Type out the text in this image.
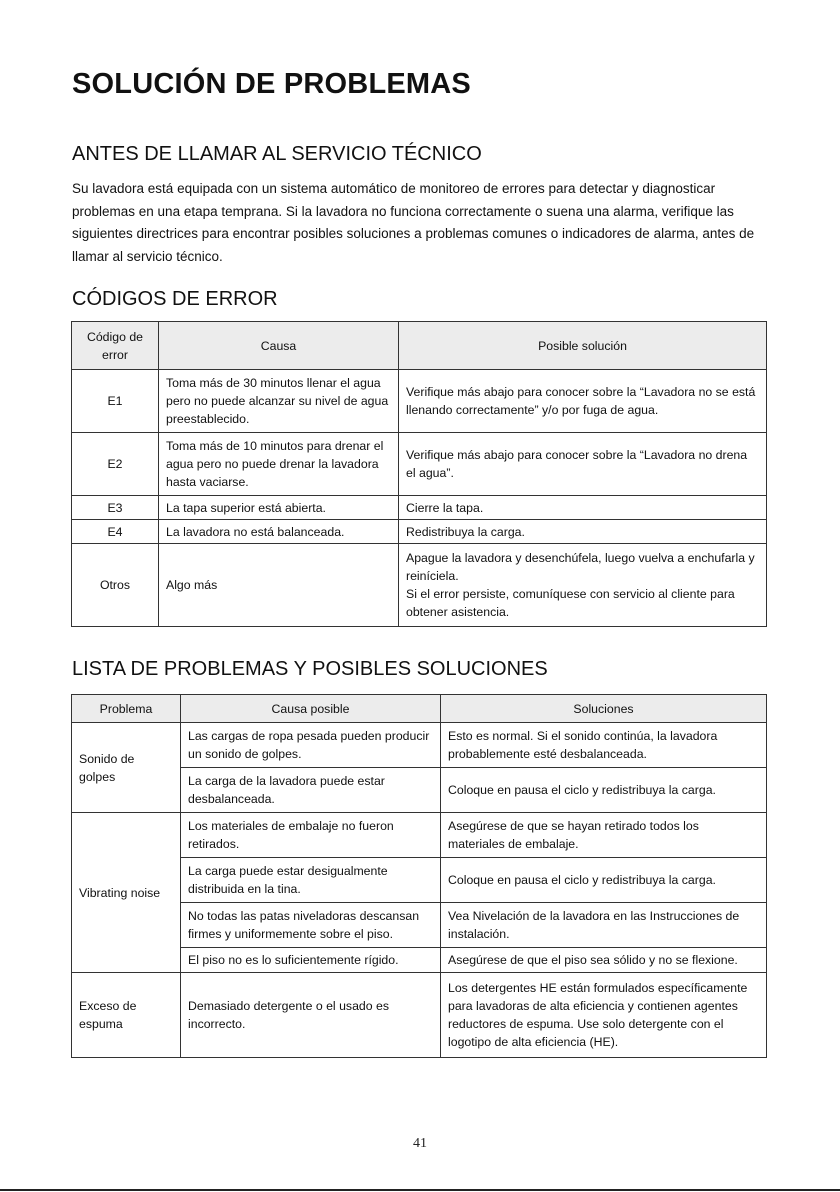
SOLUCIÓN DE PROBLEMAS
ANTES DE LLAMAR AL SERVICIO TÉCNICO

Su lavadora está equipada con un sistema automático de monitoreo de errores para detectar y diagnosticar problemas en una etapa temprana. Si la lavadora no funciona correctamente o suena una alarma, verifique las siguientes directrices para encontrar posibles soluciones a problemas comunes o indicadores de alarma, antes de llamar al servicio técnico.

CÓDIGOS DE ERROR
Código de error	Causa	Posible solución
E1	Toma más de 30 minutos llenar el agua pero no puede alcanzar su nivel de agua preestablecido.	Verifique más abajo para conocer sobre la “Lavadora no se está llenando correctamente” y/o por fuga de agua.
E2	Toma más de 10 minutos para drenar el agua pero no puede drenar la lavadora hasta vaciarse.	Verifique más abajo para conocer sobre la “Lavadora no drena el agua”.
E3	La tapa superior está abierta.	Cierre la tapa.
E4	La lavadora no está balanceada.	Redistribuya la carga.
Otros	Algo más	Apague la lavadora y desenchúfela, luego vuelva a enchufarla y reiníciela.
Si el error persiste, comuníquese con servicio al cliente para obtener asistencia.
LISTA DE PROBLEMAS Y POSIBLES SOLUCIONES
Problema	Causa posible	Soluciones
Sonido de golpes	Las cargas de ropa pesada pueden producir un sonido de golpes.	Esto es normal. Si el sonido continúa, la lavadora probablemente esté desbalanceada.
	La carga de la lavadora puede estar desbalanceada.	Coloque en pausa el ciclo y redistribuya la carga.
Vibrating noise	Los materiales de embalaje no fueron retirados.	Asegúrese de que se hayan retirado todos los materiales de embalaje.
	La carga puede estar desigualmente distribuida en la tina.	Coloque en pausa el ciclo y redistribuya la carga.
	No todas las patas niveladoras descansan firmes y uniformemente sobre el piso.	Vea Nivelación de la lavadora en las Instrucciones de instalación.
	El piso no es lo suficientemente rígido.	Asegúrese de que el piso sea sólido y no se flexione.
Exceso de espuma	Demasiado detergente o el usado es incorrecto.	Los detergentes HE están formulados específicamente para lavadoras de alta eficiencia y contienen agentes reductores de espuma. Use solo detergente con el logotipo de alta eficiencia (HE).
41
